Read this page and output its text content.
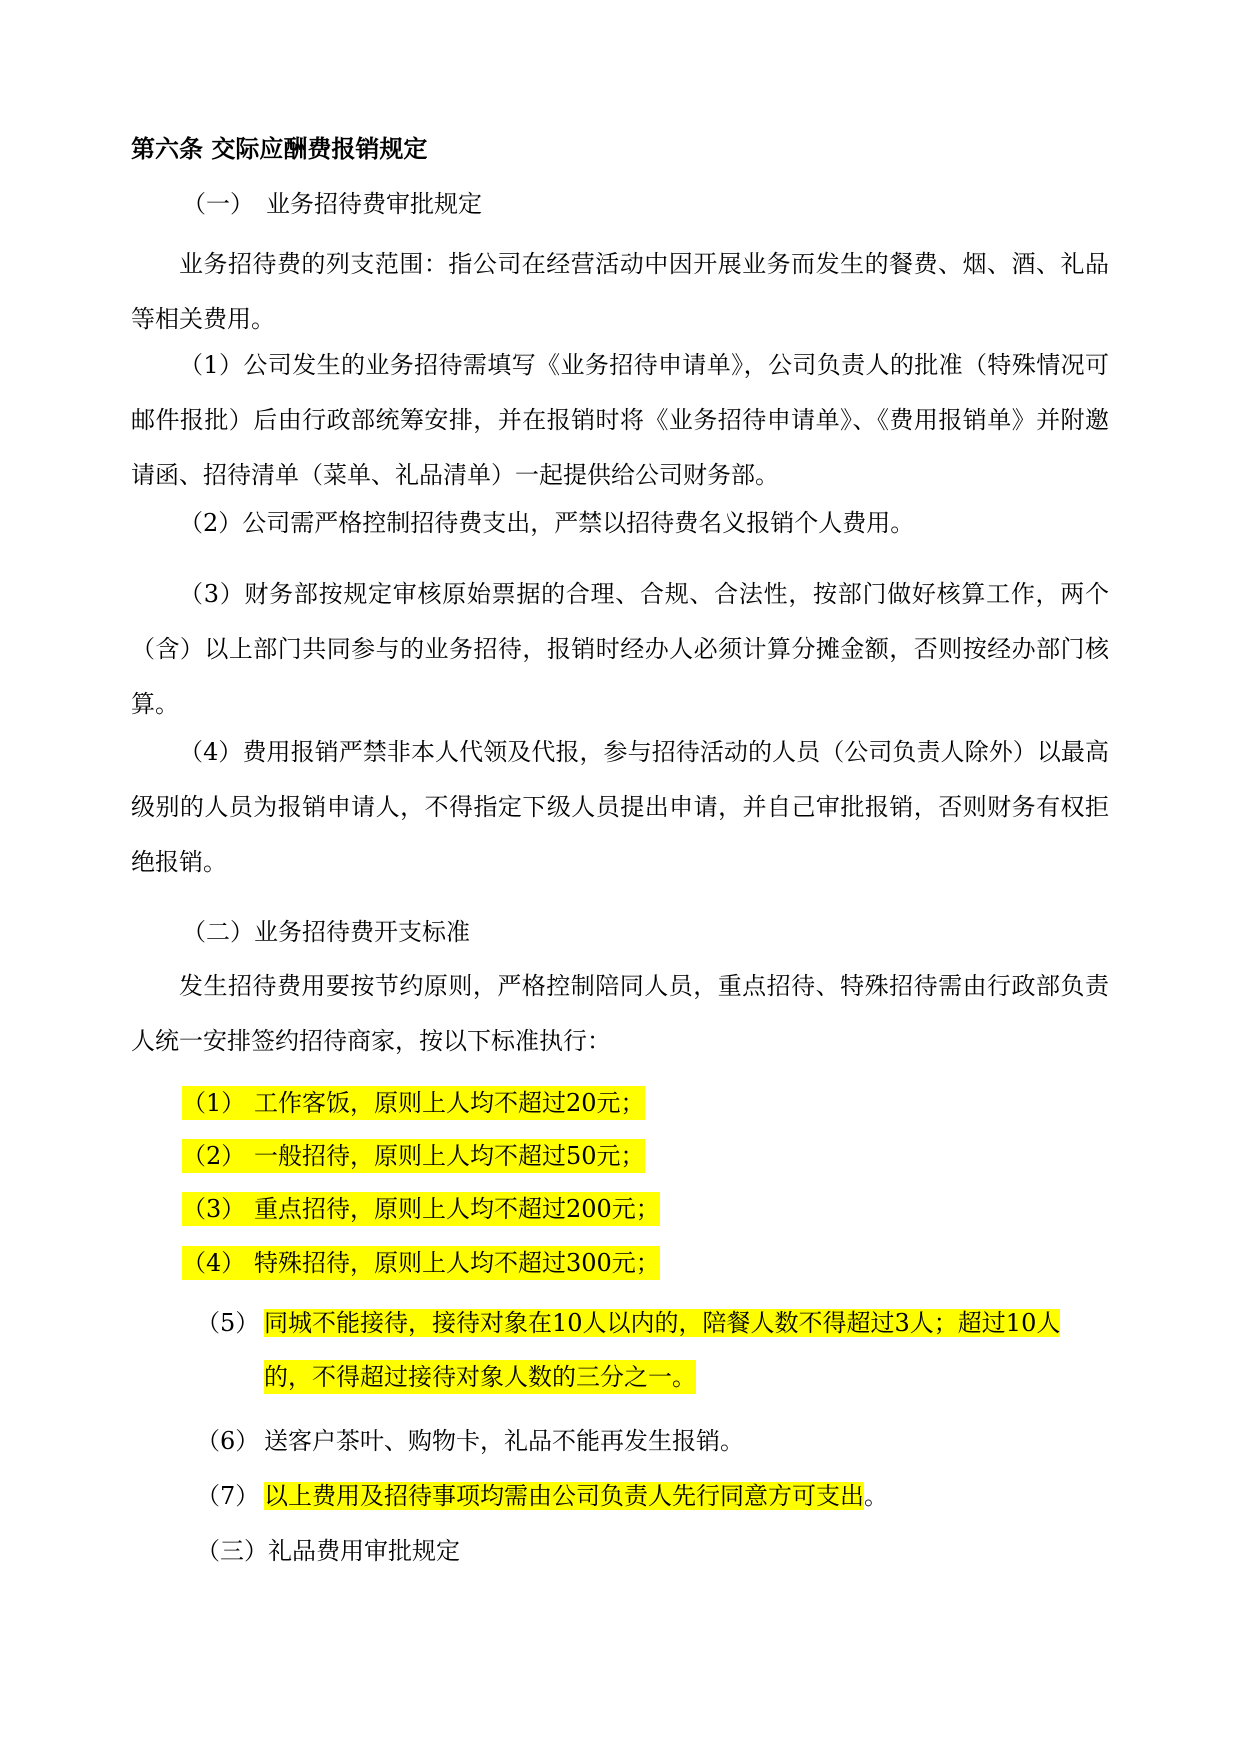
第六条 交际应酬费报销规定
（一）　业务招待费审批规定
业务招待费的列支范围：指公司在经营活动中因开展业务而发生的餐费、烟、酒、礼品等相关费用。
（1）公司发生的业务招待需填写《业务招待申请单》，公司负责人的批准（特殊情况可邮件报批）后由行政部统筹安排，并在报销时将《业务招待申请单》、《费用报销单》并附邀请函、招待清单（菜单、礼品清单）一起提供给公司财务部。
（2）公司需严格控制招待费支出，严禁以招待费名义报销个人费用。
（3）财务部按规定审核原始票据的合理、合规、合法性，按部门做好核算工作，两个（含）以上部门共同参与的业务招待，报销时经办人必须计算分摊金额，否则按经办部门核算。
（4）费用报销严禁非本人代领及代报，参与招待活动的人员（公司负责人除外）以最高级别的人员为报销申请人，不得指定下级人员提出申请，并自己审批报销，否则财务有权拒绝报销。
（二）业务招待费开支标准
发生招待费用要按节约原则，严格控制陪同人员，重点招待、特殊招待需由行政部负责人统一安排签约招待商家，按以下标准执行：
（1） 工作客饭，原则上人均不超过20元；
（2） 一般招待，原则上人均不超过50元；
（3） 重点招待，原则上人均不超过200元；
（4） 特殊招待，原则上人均不超过300元；
（5） 同城不能接待，接待对象在10人以内的，陪餐人数不得超过3人；超过10人
的，不得超过接待对象人数的三分之一。
（6） 送客户茶叶、购物卡，礼品不能再发生报销。
（7） 以上费用及招待事项均需由公司负责人先行同意方可支出。
（三）礼品费用审批规定
